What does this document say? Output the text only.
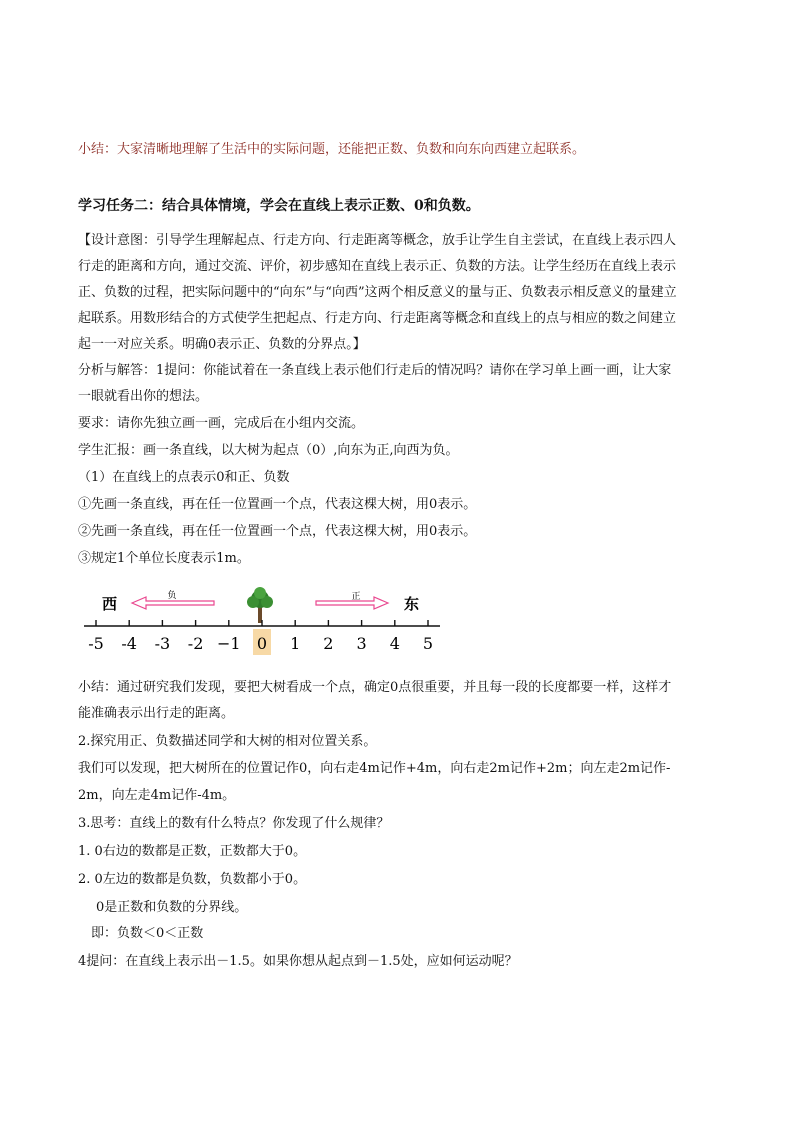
小结：大家清晰地理解了生活中的实际问题，还能把正数、负数和向东向西建立起联系。
学习任务二：结合具体情境，学会在直线上表示正数、0和负数。
【设计意图：引导学生理解起点、行走方向、行走距离等概念，放手让学生自主尝试，在直线上表示四人
行走的距离和方向，通过交流、评价，初步感知在直线上表示正、负数的方法。让学生经历在直线上表示
正、负数的过程，把实际问题中的“向东”与“向西”这两个相反意义的量与正、负数表示相反意义的量建立
起联系。用数形结合的方式使学生把起点、行走方向、行走距离等概念和直线上的点与相应的数之间建立
起一一对应关系。明确0表示正、负数的分界点。】
分析与解答：1提问：你能试着在一条直线上表示他们行走后的情况吗？请你在学习单上画一画，让大家
一眼就看出你的想法。
要求：请你先独立画一画，完成后在小组内交流。
学生汇报：画一条直线，以大树为起点（0）,向东为正,向西为负。
（1）在直线上的点表示0和正、负数
①先画一条直线，再在任一位置画一个点，代表这棵大树，用0表示。
②先画一条直线，再在任一位置画一个点，代表这棵大树，用0表示。
③规定1个单位长度表示1m。
西	东
负	正
-5 -4 -3 -2 −1 0 1 2 3 4 5
小结：通过研究我们发现，要把大树看成一个点，确定0点很重要，并且每一段的长度都要一样，这样才
能准确表示出行走的距离。
2.探究用正、负数描述同学和大树的相对位置关系。
我们可以发现，把大树所在的位置记作0，向右走4m记作+4m，向右走2m记作+2m；向左走2m记作-
2m，向左走4m记作-4m。
3.思考：直线上的数有什么特点？你发现了什么规律？
1. 0右边的数都是正数，正数都大于0。
2. 0左边的数都是负数，负数都小于0。
0是正数和负数的分界线。
即：负数＜0＜正数
4提问：在直线上表示出－1.5。如果你想从起点到－1.5处，应如何运动呢？
